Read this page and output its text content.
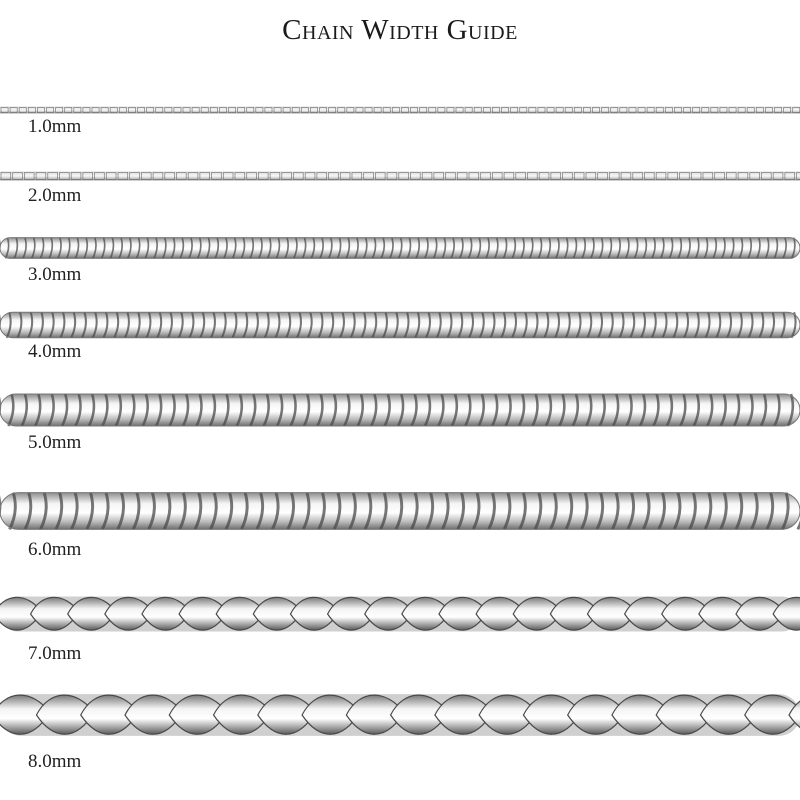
Chain Width Guide
1.0mm
2.0mm
3.0mm
4.0mm
5.0mm
6.0mm
7.0mm
8.0mm
